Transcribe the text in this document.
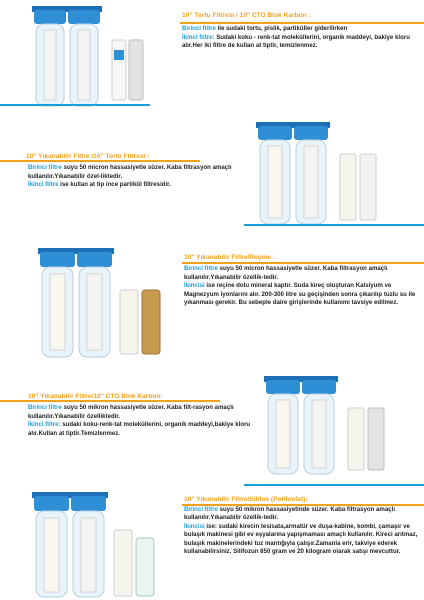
10'' Tortu Filtresi / 10'' CTO Blok Karbon :
Birinci filtre ile sudaki tortu, pislik, partiküller giderilirken
İkinci filtre: Sudaki koku - renk-tat moleküllerini, organik maddeyi, bakiye kloru alır.Her iki filtre de kullan at tiptir, temizlenmez.
10'' Yıkanabilir Filtre /10'' Tortu Filtresi :
Birinci filtre suyu 50 micron hassasiyetle süzer. Kaba filtrasyon amaçlı kullanılır.Yıkanabilir özel-liktedir.
İkinci filtre ise kullan at tip ince partikül filtresidir.
10'' Yıkanabilir Filtre/Reçine :
Birinci filtre suyu 50 micron hassasiyetle süzer. Kaba filtrasyon amaçlı kullanılır.Yıkanabilir özellik-tedir.
İkincisi ise reçine dolu mineral kaptır. Suda kireç oluşturan Kalsiyum ve Magnezyum iyonlarını alır. 200-300 litre su geçişinden sonra çıkarılıp tuzlu su ile yıkanması gerekir. Bu sebeple daire girişlerinde kullanımı tavsiye edilmez.
10'' Yıkanabilir Filtre/10'' CTO Blok Karbon:
Birinci filtre suyu 50 mikron hassasiyetle süzer. Kaba filt-rasyon amaçlı kullanılır.Yıkanabilir özelliktedir.
İkinci filtre: sudaki koku-renk-tat moleküllerini, organik maddeyi,bakiye kloru alır.Kullan at tiptir.Temizlenmez.
10'' Yıkanabilir Filtre/Silifos (Polifosfat):
Birinci filtre suyu 50 mikron hassasiyetinde süzer. Kaba filtrasyon amaçlı kullanılır.Yıkanabilir özellik-tedir.
İkincisi ise: sudaki kirecin tesisata,armatür ve duşa-kabine, kombi, çamaşır ve bulaşık makinesi gibi ev eşyalarına yapışmaması amaçlı kullanılır. Kireci arıtmaz, bulaşık makinelerindeki tuz mantığıyla çalışır.Zamanla erir, takviye ederek kullanabilirsiniz. Silifozun 850 gram ve 20 kilogram olarak satışı mevcuttur.
